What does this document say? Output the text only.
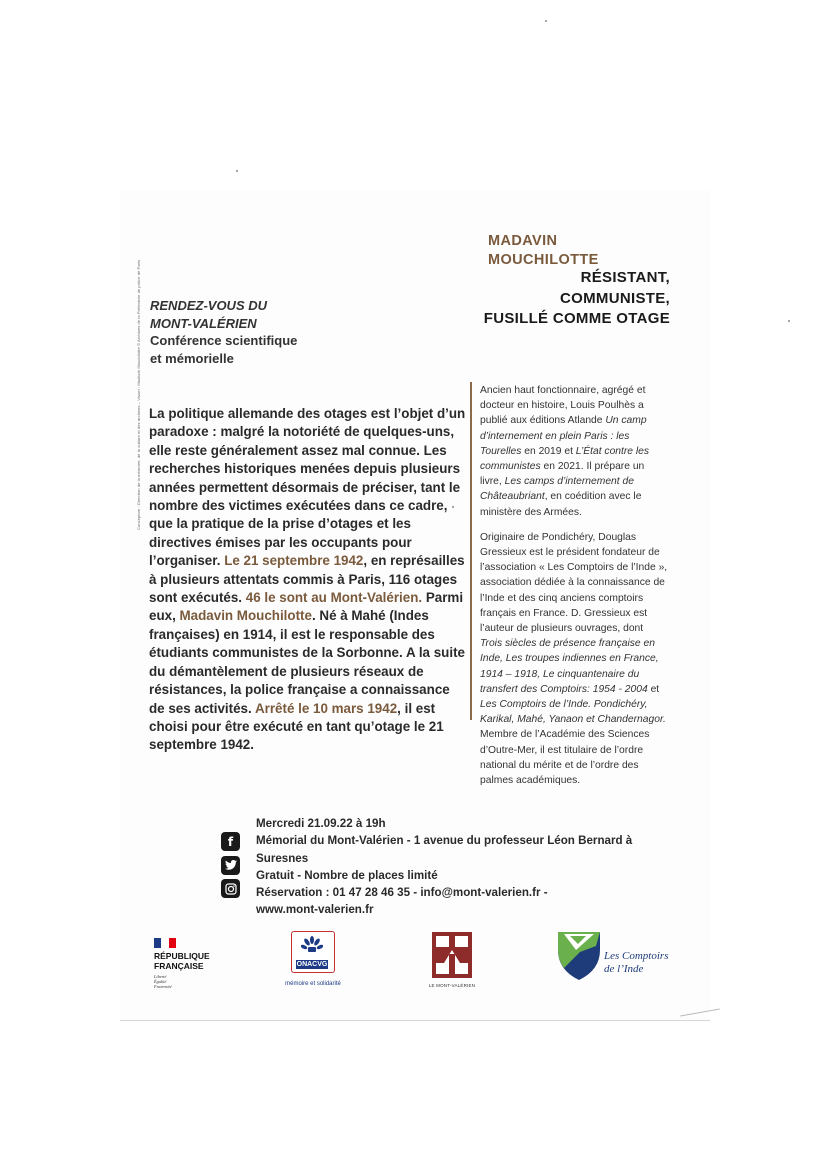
MADAVIN
MOUCHILOTTE
RÉSISTANT,
COMMUNISTE,
FUSILLÉ COMME OTAGE
RENDEZ-VOUS DU
MONT-VALÉRIEN
Conférence scientifique
et mémorielle
Conception : Direction de la mémoire, de la culture et des archives – Visuel : Madavin Mouchilotte © Archives de la Préfecture de police de Paris La politique allemande des otages est l’objet d’un paradoxe : malgré la notoriété de quelques-uns, elle reste généralement assez mal connue. Les recherches historiques menées depuis plusieurs années permettent désormais de préciser, tant le nombre des victimes exécutées dans ce cadre, que la pratique de la prise d’otages et les directives émises par les occupants pour l’organiser. Le 21 septembre 1942, en représailles à plusieurs attentats commis à Paris, 116 otages sont exécutés. 46 le sont au Mont-Valérien. Parmi eux, Madavin Mouchilotte. Né à Mahé (Indes françaises) en 1914, il est le responsable des étudiants communistes de la Sorbonne. A la suite du démantèlement de plusieurs réseaux de résistances, la police française a connaissance de ses activités. Arrêté le 10 mars 1942, il est choisi pour être exécuté en tant qu’otage le 21 septembre 1942.

Ancien haut fonctionnaire, agrégé et docteur en histoire, Louis Poulhès a publié aux éditions Atlande Un camp d’internement en plein Paris : les Tourelles en 2019 et L’État contre les communistes en 2021. Il prépare un livre, Les camps d’internement de Châteaubriant, en coédition avec le ministère des Armées.

Originaire de Pondichéry, Douglas Gressieux est le président fondateur de l’association « Les Comptoirs de l’Inde », association dédiée à la connaissance de l’Inde et des cinq anciens comptoirs français en France. D. Gressieux est l’auteur de plusieurs ouvrages, dont Trois siècles de présence française en Inde, Les troupes indiennes en France, 1914 – 1918, Le cinquantenaire du transfert des Comptoirs: 1954 - 2004 et Les Comptoirs de l’Inde. Pondichéry, Karikal, Mahé, Yanaon et Chandernagor. Membre de l’Académie des Sciences d’Outre-Mer, il est titulaire de l’ordre national du mérite et de l’ordre des palmes académiques.

f
Mercredi 21.09.22 à 19h
Mémorial du Mont-Valérien - 1 avenue du professeur Léon Bernard à
Suresnes
Gratuit - Nombre de places limité
Réservation : 01 47 28 46 35 - info@mont-valerien.fr -
www.mont-valerien.fr
RÉPUBLIQUE
FRANÇAISE
Liberté
Égalité
Fraternité
ONACVG
mémoire et solidarité	LE MONT-VALÉRIEN
Les Comptoirs
de l’Inde
